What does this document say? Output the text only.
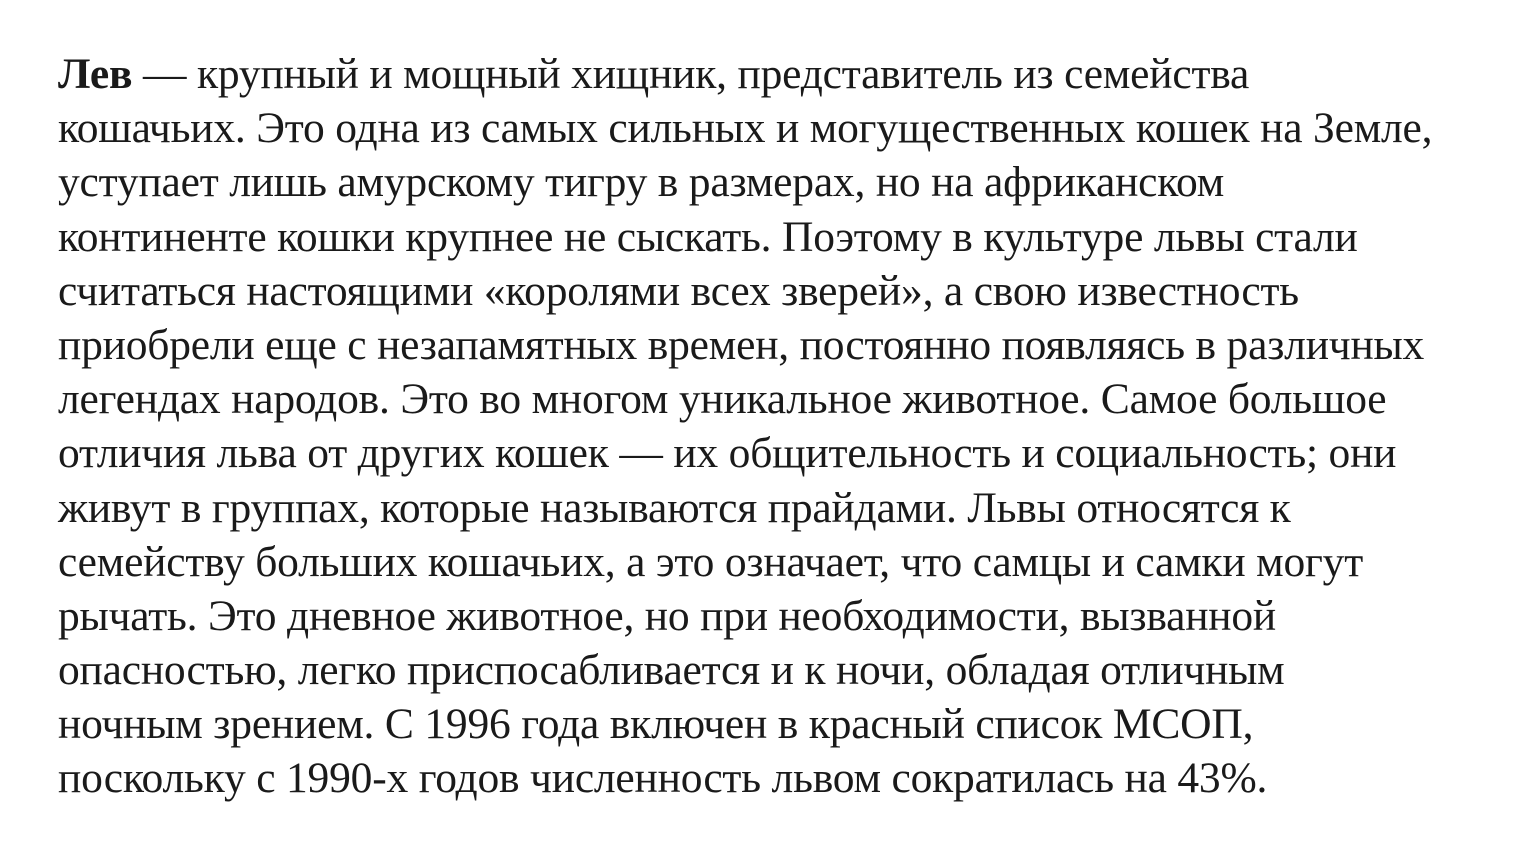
Лев — крупный и мощный хищник, представитель из семейства
кошачьих. Это одна из самых сильных и могущественных кошек на Земле,
уступает лишь амурскому тигру в размерах, но на африканском
континенте кошки крупнее не сыскать. Поэтому в культуре львы стали
считаться настоящими «королями всех зверей», а свою известность
приобрели еще с незапамятных времен, постоянно появляясь в различных
легендах народов. Это во многом уникальное животное. Самое большое
отличия льва от других кошек — их общительность и социальность; они
живут в группах, которые называются прайдами. Львы относятся к
семейству больших кошачьих, а это означает, что самцы и самки могут
рычать. Это дневное животное, но при необходимости, вызванной
опасностью, легко приспосабливается и к ночи, обладая отличным
ночным зрением. С 1996 года включен в красный список МСОП,
поскольку с 1990-х годов численность львом сократилась на 43%.
